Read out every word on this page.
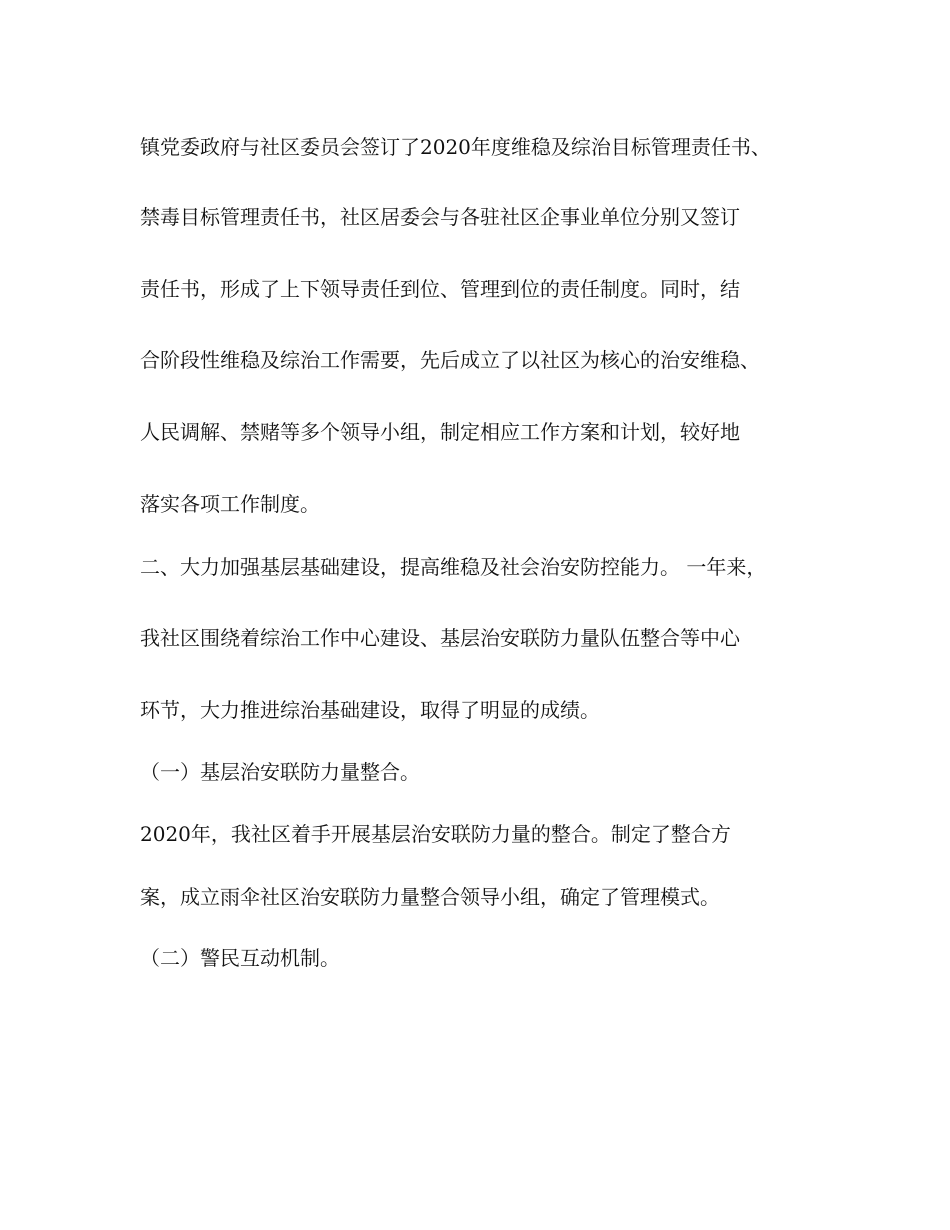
镇党委政府与社区委员会签订了2020年度维稳及综治目标管理责任书、
禁毒目标管理责任书，社区居委会与各驻社区企事业单位分别又签订
责任书，形成了上下领导责任到位、管理到位的责任制度。同时，结
合阶段性维稳及综治工作需要，先后成立了以社区为核心的治安维稳、
人民调解、禁赌等多个领导小组，制定相应工作方案和计划，较好地
落实各项工作制度。
二、大力加强基层基础建设，提高维稳及社会治安防控能力。 一年来，
我社区围绕着综治工作中心建设、基层治安联防力量队伍整合等中心
环节，大力推进综治基础建设，取得了明显的成绩。
（一）基层治安联防力量整合。
2020年，我社区着手开展基层治安联防力量的整合。制定了整合方
案，成立雨伞社区治安联防力量整合领导小组，确定了管理模式。
（二）警民互动机制。
